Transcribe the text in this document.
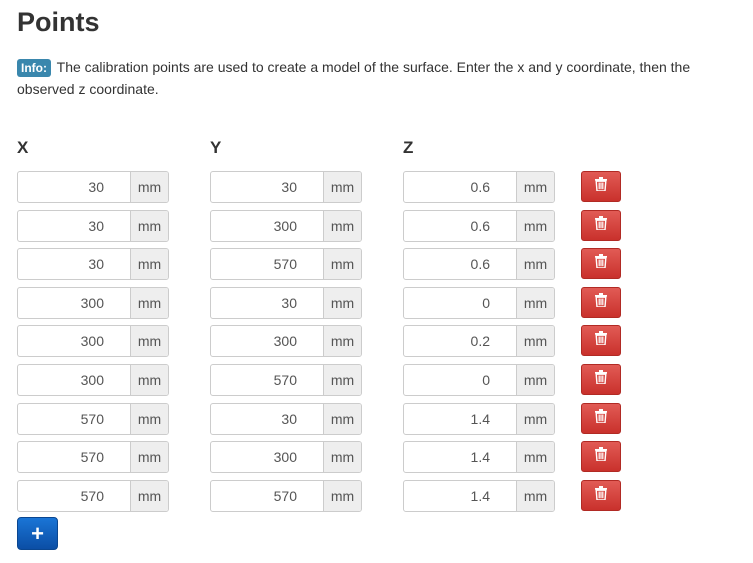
Points
Info: The calibration points are used to create a model of the surface. Enter the x and y coordinate, then the observed z coordinate.
X	Y	Z
30	mm	30	mm	0.6	mm
30	mm	300	mm	0.6	mm
30	mm	570	mm	0.6	mm
300	mm	30	mm	0	mm
300	mm	300	mm	0.2	mm
300	mm	570	mm	0	mm
570	mm	30	mm	1.4	mm
570	mm	300	mm	1.4	mm
570	mm	570	mm	1.4	mm
+
